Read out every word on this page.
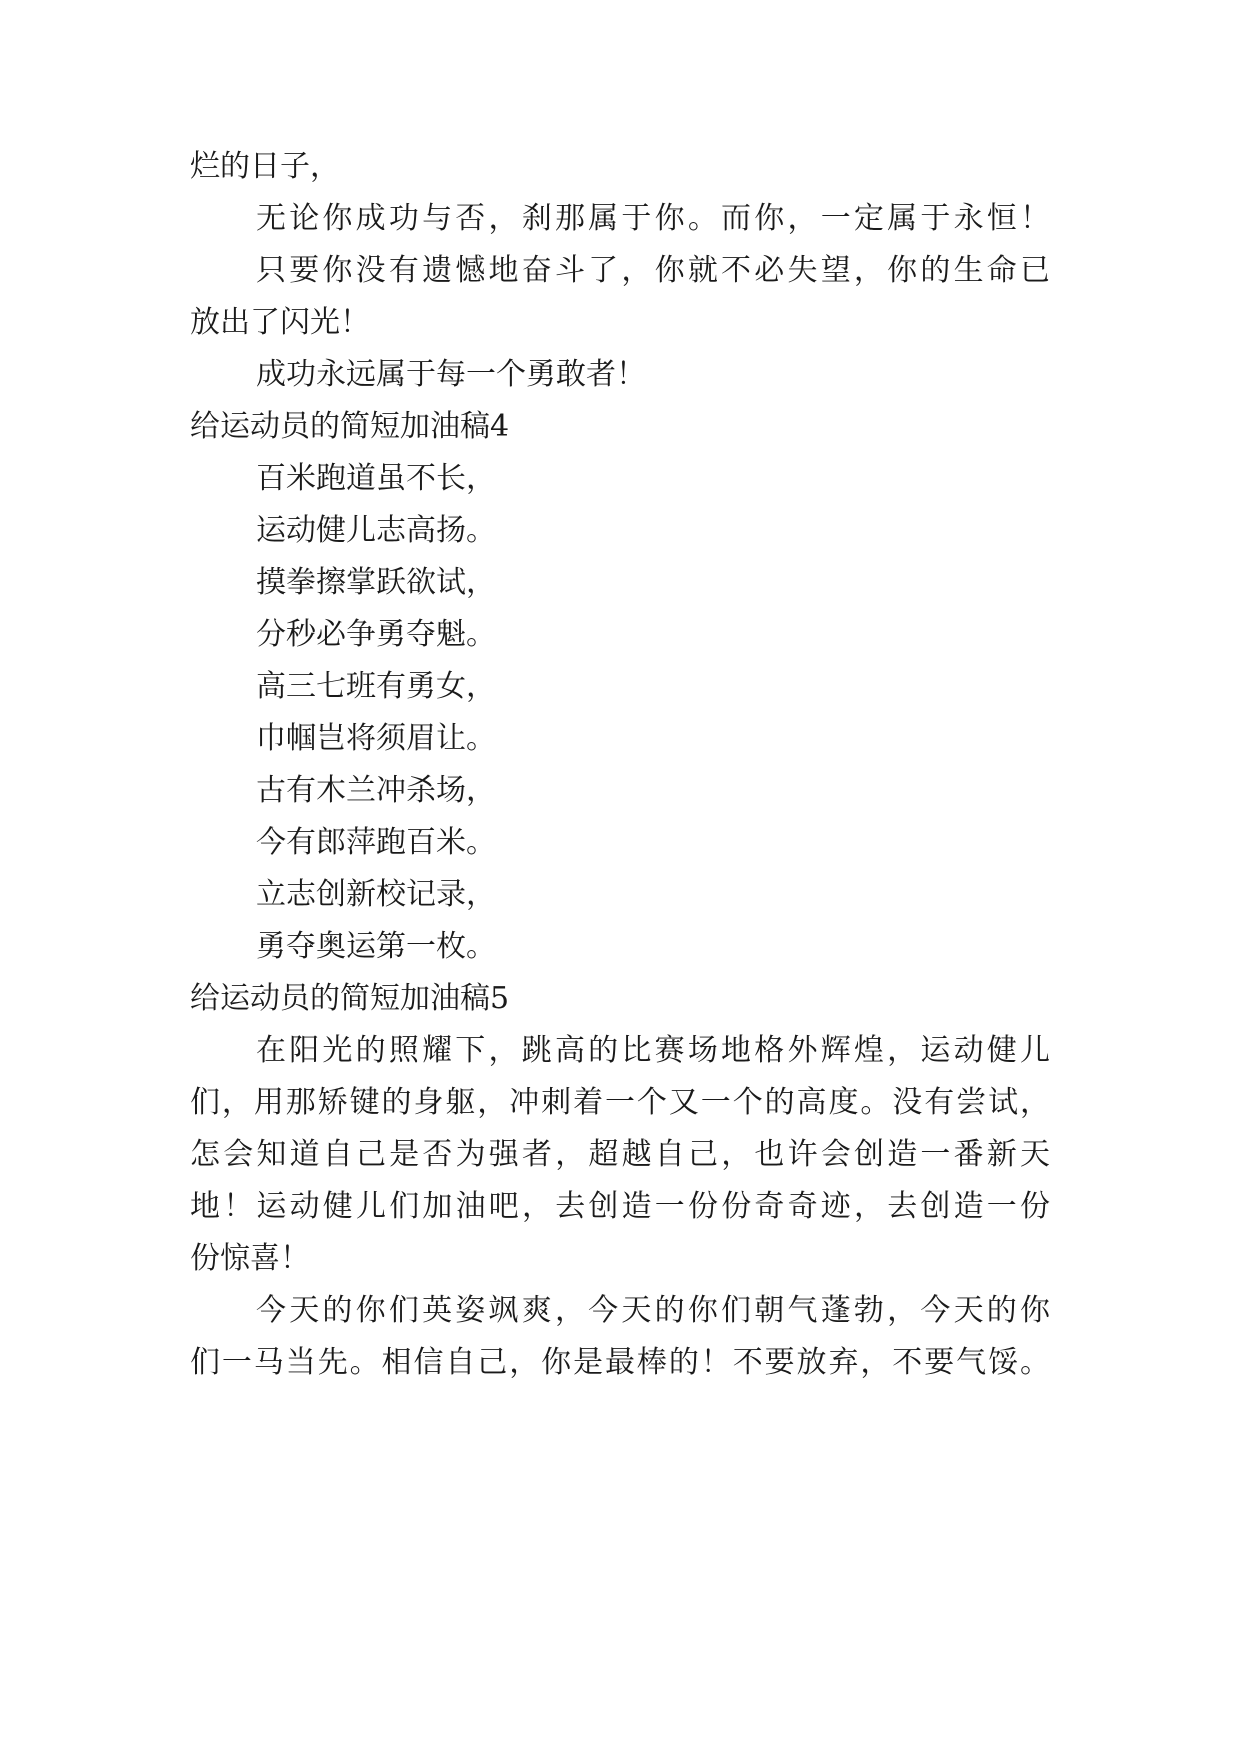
烂的日子，
无论你成功与否，刹那属于你。而你，一定属于永恒！
只要你没有遗憾地奋斗了，你就不必失望，你的生命已
放出了闪光！
成功永远属于每一个勇敢者！
给运动员的简短加油稿4
百米跑道虽不长，
运动健儿志高扬。
摸拳擦掌跃欲试，
分秒必争勇夺魁。
高三七班有勇女，
巾帼岂将须眉让。
古有木兰冲杀场，
今有郎萍跑百米。
立志创新校记录，
勇夺奥运第一枚。
给运动员的简短加油稿5
在阳光的照耀下，跳高的比赛场地格外辉煌，运动健儿
们，用那矫键的身躯，冲刺着一个又一个的高度。没有尝试，
怎会知道自己是否为强者，超越自己，也许会创造一番新天
地！运动健儿们加油吧，去创造一份份奇奇迹，去创造一份
份惊喜！
今天的你们英姿飒爽，今天的你们朝气蓬勃，今天的你
们一马当先。相信自己，你是最棒的！不要放弃，不要气馁。
